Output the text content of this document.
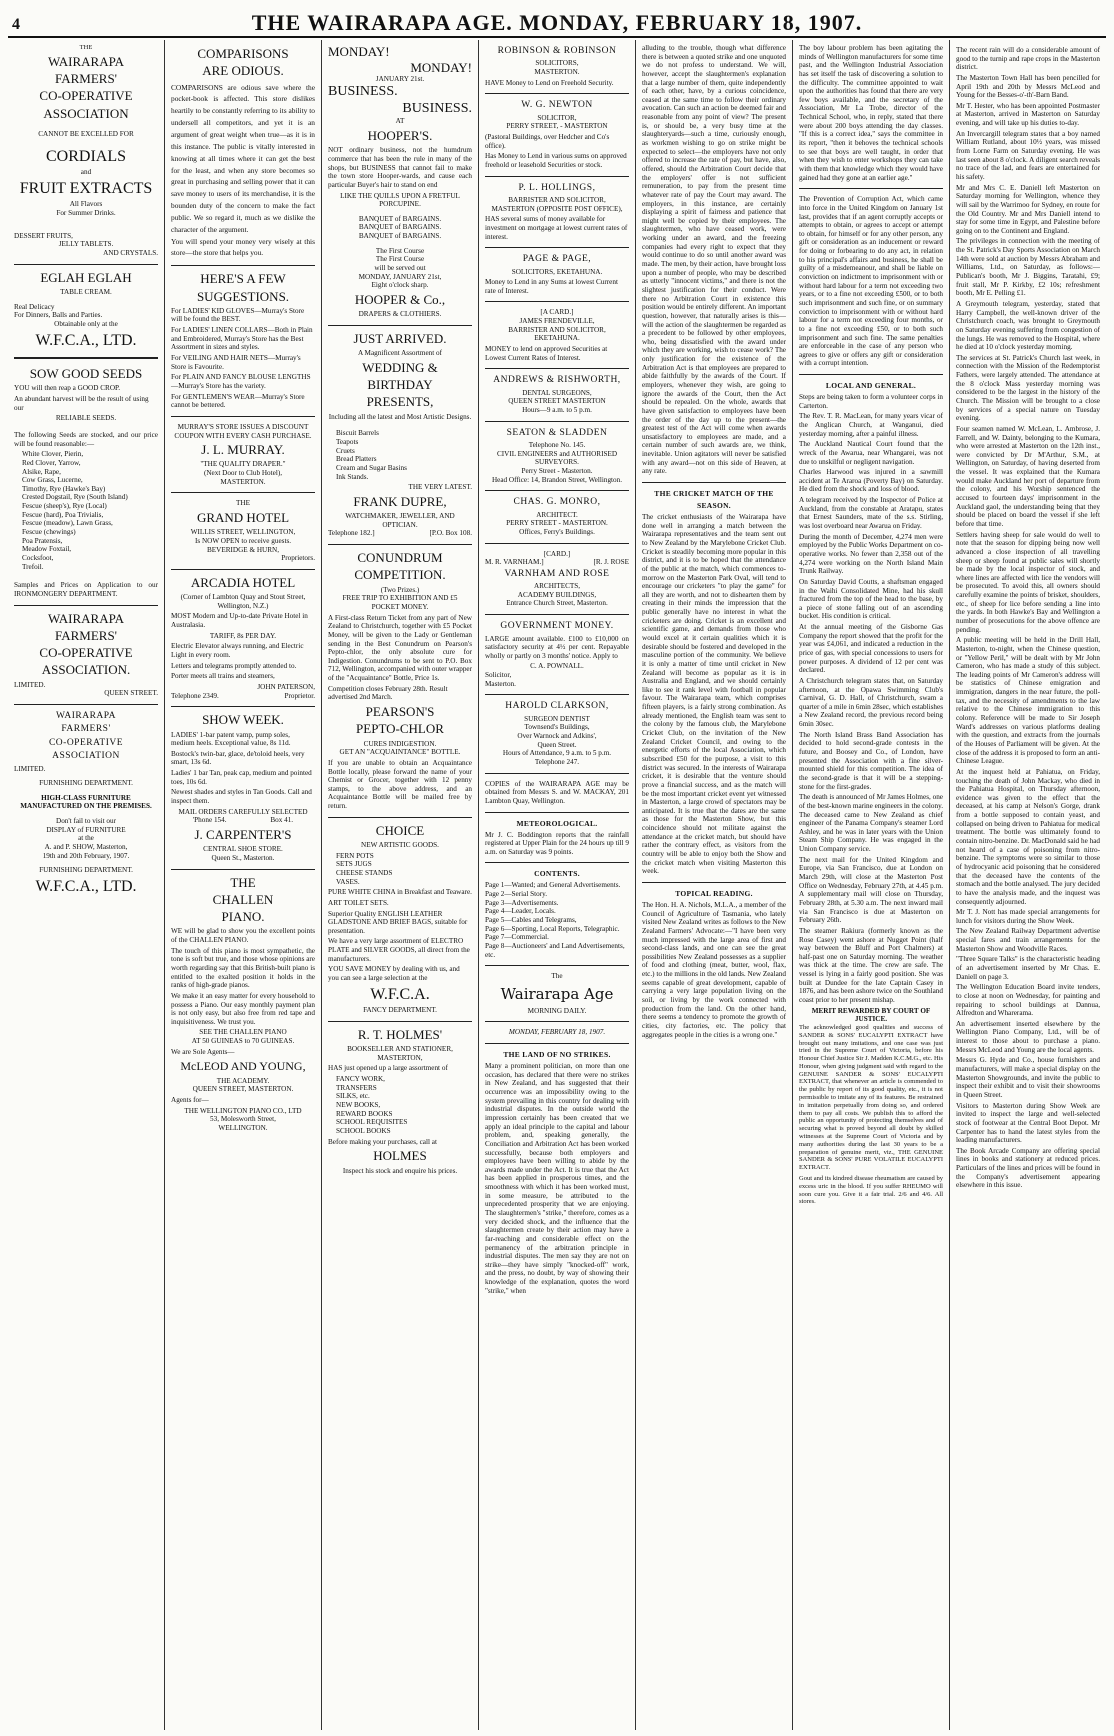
4	THE WAIRARAPA AGE. MONDAY, FEBRUARY 18, 1907.
THE
WAIRARAPA
FARMERS'
CO-OPERATIVE
ASSOCIATION
CANNOT BE EXCELLED FOR
CORDIALS
and
FRUIT EXTRACTS
All Flavors
For Summer Drinks.
DESSERT FRUITS,
JELLY TABLETS.
AND CRYSTALS.
EGLAH EGLAH
TABLE CREAM.
Real Delicacy
For Dinners, Balls and Parties.
Obtainable only at the
W.F.C.A., LTD.
SOW GOOD SEEDS
YOU will then reap a GOOD CROP.
An abundant harvest will be the result of using our
RELIABLE SEEDS.
The following Seeds are stocked, and our price will be found reasonable:—
White Clover, Pierin,
Red Clover, Yarrow,
Alsike, Rape,
Cow Grass, Lucerne,
Timothy, Rye (Hawke's Bay)
Crested Dogstail, Rye (South Island)
Fescue (sheep's), Rye (Local)
Fescue (hard), Poa Trivialis,
Fescue (meadow), Lawn Grass,
Fescue (chewings)
Poa Pratensis,
Meadow Foxtail,
Cocksfoot,
Trefoil.
Samples and Prices on Application to our IRONMONGERY DEPARTMENT.
WAIRARAPA
FARMERS'
CO-OPERATIVE
ASSOCIATION.
LIMITED.
QUEEN STREET.
WAIRARAPA
FARMERS'
CO-OPERATIVE
ASSOCIATION
LIMITED.
FURNISHING DEPARTMENT.
HIGH-CLASS FURNITURE MANUFACTURED ON THE PREMISES.
Don't fail to visit our
DISPLAY of FURNITURE
at the
A. and P. SHOW, Masterton,
19th and 20th February, 1907.
FURNISHING DEPARTMENT.
W.F.C.A., LTD.
COMPARISONS
ARE ODIOUS.
COMPARISONS are odious save where the pocket-book is affected. This store dislikes heartily to be constantly referring to its ability to undersell all competitors, and yet it is an argument of great weight when true—as it is in this instance. The public is vitally interested in knowing at all times where it can get the best for the least, and when any store becomes so great in purchasing and selling power that it can save money to users of its merchandise, it is the bounden duty of the concern to make the fact public. We so regard it, much as we dislike the character of the argument.
You will spend your money very wisely at this store—the store that helps you.
HERE'S A FEW
SUGGESTIONS.
For LADIES' KID GLOVES—Murray's Store will be found the BEST.
For LADIES' LINEN COLLARS—Both in Plain and Embroidered, Murray's Store has the Best Assortment in sizes and styles.
For VEILING AND HAIR NETS—Murray's Store is Favourite.
For PLAIN AND FANCY BLOUSE LENGTHS—Murray's Store has the variety.
For GENTLEMEN'S WEAR—Murray's Store cannot be bettered.
MURRAY'S STORE ISSUES A DISCOUNT COUPON WITH EVERY CASH PURCHASE.
J. L. MURRAY.
"THE QUALITY DRAPER."
(Next Door to Club Hotel),
MASTERTON.
THE
GRAND HOTEL
WILLIS STREET, WELLINGTON,
Is NOW OPEN to receive guests.
BEVERIDGE & HURN,
Proprietors.
ARCADIA HOTEL
(Corner of Lambton Quay and Stout Street, Wellington, N.Z.)
MOST Modern and Up-to-date Private Hotel in Australasia.
TARIFF, 8s PER DAY.
Electric Elevator always running, and Electric Light in every room.
Letters and telegrams promptly attended to.
Porter meets all trains and steamers,
JOHN PATERSON,
Telephone 2349.	Proprietor.
SHOW WEEK.
LADIES' 1-bar patent vamp, pump soles, medium heels. Exceptional value, 8s 11d.
Bostock's twin-bar, glace, de'toloid heels, very smart, 13s 6d.
Ladies' 1 bar Tan, peak cap, medium and pointed toes, 10s 6d.
Newest shades and styles in Tan Goods. Call and inspect them.
MAIL ORDERS CAREFULLY SELECTED
'Phone 154.	Box 41.
J. CARPENTER'S
CENTRAL SHOE STORE.
Queen St., Masterton.
THE
CHALLEN
PIANO.
WE will be glad to show you the excellent points of the CHALLEN PIANO.
The touch of this piano is most sympathetic, the tone is soft but true, and those whose opinions are worth regarding say that this British-built piano is entitled to the exalted position it holds in the ranks of high-grade pianos.
We make it an easy matter for every household to possess a Piano. Our easy monthly payment plan is not only easy, but also free from red tape and inquisitiveness. We trust you.
SEE THE CHALLEN PIANO
AT 50 GUINEAS to 70 GUINEAS.
We are Sole Agents—
McLEOD AND YOUNG,
THE ACADEMY.
QUEEN STREET, MASTERTON.
Agents for—
THE WELLINGTON PIANO CO., LTD
53, Molesworth Street,
WELLINGTON.
MONDAY!
MONDAY!
JANUARY 21st.
BUSINESS.
BUSINESS.
AT
HOOPER'S.
NOT ordinary business, not the humdrum commerce that has been the rule in many of the shops, but BUSINESS that cannot fail to make the town store Hooper-wards, and cause each particular Buyer's hair to stand on end
LIKE THE QUILLS UPON A FRETFUL PORCUPINE.
BANQUET of BARGAINS.
BANQUET of BARGAINS.
BANQUET of BARGAINS.
The First Course
The First Course
will be served out
MONDAY, JANUARY 21st,
Eight o'clock sharp.
HOOPER & Co.,
DRAPERS & CLOTHIERS.
JUST ARRIVED.
A Magnificent Assortment of
WEDDING &
BIRTHDAY
PRESENTS,
Including all the latest and Most Artistic Designs.
Biscuit Barrels
Teapots
Cruets
Bread Platters
Cream and Sugar Basins
Ink Stands.
THE VERY LATEST.
FRANK DUPRE,
WATCHMAKER, JEWELLER, AND OPTICIAN.
Telephone 182.]	[P.O. Box 108.
CONUNDRUM
COMPETITION.
(Two Prizes.)
FREE TRIP TO EXHIBITION AND £5 POCKET MONEY.
A First-class Return Ticket from any part of New Zealand to Christchurch, together with £5 Pocket Money, will be given to the Lady or Gentleman sending in the Best Conundrum on Pearson's Pepto-chlor, the only absolute cure for Indigestion. Conundrums to be sent to P.O. Box 712, Wellington, accompanied with outer wrapper of the "Acquaintance" Bottle, Price 1s.
Competition closes February 28th. Result advertised 2nd March.
PEARSON'S
PEPTO-CHLOR
CURES INDIGESTION.
GET AN "ACQUAINTANCE" BOTTLE.
If you are unable to obtain an Acquaintance Bottle locally, please forward the name of your Chemist or Grocer, together with 12 penny stamps, to the above address, and an Acquaintance Bottle will be mailed free by return.
CHOICE
NEW ARTISTIC GOODS.
FERN POTS
SETS JUGS
CHEESE STANDS
VASES.
PURE WHITE CHINA in Breakfast and Teaware.
ART TOILET SETS.
Superior Quality ENGLISH LEATHER GLADSTONE AND BRIEF BAGS, suitable for presentation.
We have a very large assortment of ELECTRO PLATE and SILVER GOODS, all direct from the manufacturers.
YOU SAVE MONEY by dealing with us, and you can see a large selection at the
W.F.C.A.
FANCY DEPARTMENT.
R. T. HOLMES'
BOOKSELLER AND STATIONER,
MASTERTON,
HAS just opened up a large assortment of
FANCY WORK,
TRANSFERS
SILKS, etc.
NEW BOOKS,
REWARD BOOKS
SCHOOL REQUISITES
SCHOOL BOOKS
Before making your purchases, call at
HOLMES
Inspect his stock and enquire his prices.
ROBINSON & ROBINSON
SOLICITORS,
MASTERTON.
HAVE Money to Lend on Freehold Security.
W. G. NEWTON
SOLICITOR,
PERRY STREET, - MASTERTON
(Pastoral Buildings, over Hedcher and Co's office).
Has Money to Lend in various sums on approved freehold or leasehold Securities or stock.
P. L. HOLLINGS,
BARRISTER AND SOLICITOR,
MASTERTON (OPPOSITE POST OFFICE),
HAS several sums of money available for investment on mortgage at lowest current rates of interest.
PAGE & PAGE,
SOLICITORS, EKETAHUNA.
Money to Lend in any Sums at lowest Current rate of Interest.
[A CARD.]
JAMES FRENDEVILLE,
BARRISTER AND SOLICITOR,
EKETAHUNA.
MONEY to lend on approved Securities at Lowest Current Rates of Interest.
ANDREWS & RISHWORTH,
DENTAL SURGEONS,
QUEEN STREET MASTERTON
Hours—9 a.m. to 5 p.m.
SEATON & SLADDEN
Telephone No. 145.
CIVIL ENGINEERS and AUTHORISED SURVEYORS.
Perry Street - Masterton.
Head Office: 14, Brandon Street, Wellington.
CHAS. G. MONRO,
ARCHITECT.
PERRY STREET - MASTERTON.
Offices, Ferry's Buildings.
[CARD.]
M. R. VARNHAM.]	[R. J. ROSE
VARNHAM AND ROSE
ARCHITECTS,
ACADEMY BUILDINGS,
Entrance Church Street, Masterton.
GOVERNMENT MONEY.
LARGE amount available. £100 to £10,000 on satisfactory security at 4½ per cent. Repayable wholly or partly on 3 months' notice. Apply to
C. A. POWNALL.
Solicitor,
Masterton.
HAROLD CLARKSON,
SURGEON DENTIST
Townsend's Buildings,
Over Warnock and Adkins',
Queen Street.
Hours of Attendance, 9 a.m. to 5 p.m.
Telephone 247.
COPIES of the WAIRARAPA AGE may be obtained from Messrs S. and W. MACKAY, 201 Lambton Quay, Wellington.
METEOROLOGICAL.
Mr J. C. Boddington reports that the rainfall registered at Upper Plain for the 24 hours up till 9 a.m. on Saturday was 9 points.
CONTENTS.
Page 1—Wanted; and General Advertisements.
Page 2—Serial Story.
Page 3—Advertisements.
Page 4—Leader, Locals.
Page 5—Cables and Telegrams,
Page 6—Sporting, Local Reports, Telegraphic.
Page 7—Commercial.
Page 8—Auctioneers' and Land Advertisements, etc.
The
Wairarapa Age
MORNING DAILY.
MONDAY, FEBRUARY 18, 1907.
THE LAND OF NO STRIKES.
Many a prominent politician, on more than one occasion, has declared that there were no strikes in New Zealand, and has suggested that their occurrence was an impossibility owing to the system prevailing in this country for dealing with industrial disputes. In the outside world the impression certainly has been created that we apply an ideal principle to the capital and labour problem, and, speaking generally, the Conciliation and Arbitration Act has been worked successfully, because both employers and employees have been willing to abide by the awards made under the Act. It is true that the Act has been applied in prosperous times, and the smoothness with which it has been worked must, in some measure, be attributed to the unprecedented prosperity that we are enjoying. The slaughtermen's "strike," therefore, comes as a very decided shock, and the influence that the slaughtermen create by their action may have a far-reaching and considerable effect on the permanency of the arbitration principle in industrial disputes. The men say they are not on strike—they have simply "knocked-off" work, and the press, no doubt, by way of showing their knowledge of the explanation, quotes the word "strike," when
alluding to the trouble, though what difference there is between a quoted strike and one unquoted we do not profess to understand. We will, however, accept the slaughtermen's explanation that a large number of them, quite independently of each other, have, by a curious coincidence, ceased at the same time to follow their ordinary avocation. Can such an action be deemed fair and reasonable from any point of view? The present is, or should be, a very busy time at the slaughteryards—such a time, curiously enough, as workmen wishing to go on strike might be expected to select—the employers have not only offered to increase the rate of pay, but have, also, offered, should the Arbitration Court decide that the employers' offer is not sufficient remuneration, to pay from the present time whatever rate of pay the Court may award. The employers, in this instance, are certainly displaying a spirit of fairness and patience that might well be copied by their employees. The slaughtermen, who have ceased work, were working under an award, and the freezing companies had every right to expect that they would continue to do so until another award was made. The men, by their action, have brought loss upon a number of people, who may be described as utterly "innocent victims," and there is not the slightest justification for their conduct. Were there no Arbitration Court in existence this position would be entirely different. An important question, however, that naturally arises is this—will the action of the slaughtermen be regarded as a precedent to be followed by other employees, who, being dissatisfied with the award under which they are working, wish to cease work? The only justification for the existence of the Arbitration Act is that employees are prepared to abide faithfully by the awards of the Court. If employers, whenever they wish, are going to ignore the awards of the Court, then the Act should be repealed. On the whole, awards that have given satisfaction to employees have been the order of the day up to the present—the greatest test of the Act will come when awards unsatisfactory to employees are made, and a certain number of such awards are, we think, inevitable. Union agitators will never be satisfied with any award—not on this side of Heaven, at any rate.
THE CRICKET MATCH OF THE
SEASON.
The cricket enthusiasts of the Wairarapa have done well in arranging a match between the Wairarapa representatives and the team sent out to New Zealand by the Marylebone Cricket Club. Cricket is steadily becoming more popular in this district, and it is to be hoped that the attendance of the public at the match, which commences to-morrow on the Masterton Park Oval, will tend to encourage our cricketers "to play the game" for all they are worth, and not to dishearten them by creating in their minds the impression that the public generally have no interest in what the cricketers are doing. Cricket is an excellent and scientific game, and demands from those who would excel at it certain qualities which it is desirable should be fostered and developed in the masculine portion of the community. We believe it is only a matter of time until cricket in New Zealand will become as popular as it is in Australia and England, and we should certainly like to see it rank level with football in popular favour. The Wairarapa team, which comprises fifteen players, is a fairly strong combination. As already mentioned, the English team was sent to the colony by the famous club, the Marylebone Cricket Club, on the invitation of the New Zealand Cricket Council, and owing to the energetic efforts of the local Association, which subscribed £50 for the purpose, a visit to this district was secured. In the interests of Wairarapa cricket, it is desirable that the venture should prove a financial success, and as the match will be the most important cricket event yet witnessed in Masterton, a large crowd of spectators may be anticipated. It is true that the dates are the same as those for the Masterton Show, but this coincidence should not militate against the attendance at the cricket match, but should have rather the contrary effect, as visitors from the country will be able to enjoy both the Show and the cricket match when visiting Masterton this week.
TOPICAL READING.
The Hon. H. A. Nichols, M.L.A., a member of the Council of Agriculture of Tasmania, who lately visited New Zealand writes as follows to the New Zealand Farmers' Advocate:—"I have been very much impressed with the large area of first and second-class lands, and one can see the great possibilities New Zealand possesses as a supplier of food and clothing (meat, butter, wool, flax, etc.) to the millions in the old lands. New Zealand seems capable of great development, capable of carrying a very large population living on the soil, or living by the work connected with production from the land. On the other hand, there seems a tendency to promote the growth of cities, city factories, etc. The policy that aggregates people in the cities is a wrong one."
The boy labour problem has been agitating the minds of Wellington manufacturers for some time past, and the Wellington Industrial Association has set itself the task of discovering a solution to the difficulty. The committee appointed to wait upon the authorities has found that there are very few boys available, and the secretary of the Association, Mr La Trobe, director of the Technical School, who, in reply, stated that there were about 200 boys attending the day classes. "If this is a correct idea," says the committee in its report, "then it behoves the technical schools to see that boys are well taught, in order that when they wish to enter workshops they can take with them that knowledge which they would have gained had they gone at an earlier age."
The Prevention of Corruption Act, which came into force in the United Kingdom on January 1st last, provides that if an agent corruptly accepts or attempts to obtain, or agrees to accept or attempt to obtain, for himself or for any other person, any gift or consideration as an inducement or reward for doing or forbearing to do any act, in relation to his principal's affairs and business, he shall be guilty of a misdemeanour, and shall be liable on conviction on indictment to imprisonment with or without hard labour for a term not exceeding two years, or to a fine not exceeding £500, or to both such imprisonment and such fine, or on summary conviction to imprisonment with or without hard labour for a term not exceeding four months, or to a fine not exceeding £50, or to both such imprisonment and such fine. The same penalties are enforceable in the case of any person who agrees to give or offers any gift or consideration with a corrupt intention.
LOCAL AND GENERAL.
Steps are being taken to form a volunteer corps in Carterton.
The Rev. T. R. MacLean, for many years vicar of the Anglican Church, at Wanganui, died yesterday morning, after a painful illness.
The Auckland Nautical Court found that the wreck of the Awarua, near Whangarei, was not due to unskilful or negligent navigation.
Charles Harwood was injured in a sawmill accident at Te Araroa (Poverty Bay) on Saturday. He died from the shock and loss of blood.
A telegram received by the Inspector of Police at Auckland, from the constable at Aratapu, states that Ernest Saunders, mate of the s.s. Stirling, was lost overboard near Awarua on Friday.
During the month of December, 4,274 men were employed by the Public Works Department on co-operative works. No fewer than 2,358 out of the 4,274 were working on the North Island Main Trunk Railway.
On Saturday David Coutts, a shaftsman engaged in the Waihi Consolidated Mine, had his skull fractured from the top of the head to the base, by a piece of stone falling out of an ascending bucket. His condition is critical.
At the annual meeting of the Gisborne Gas Company the report showed that the profit for the year was £4,061, and indicated a reduction in the price of gas, with special concessions to users for power purposes. A dividend of 12 per cent was declared.
A Christchurch telegram states that, on Saturday afternoon, at the Opawa Swimming Club's Carnival, G. D. Hall, of Christchurch, swam a quarter of a mile in 6min 28sec, which establishes a New Zealand record, the previous record being 6min 30sec.
The North Island Brass Band Association has decided to hold second-grade contests in the future, and Boosey and Co., of London, have presented the Association with a fine silver-mounted shield for this competition. The idea of the second-grade is that it will be a stepping-stone for the first-grades.
The death is announced of Mr James Holmes, one of the best-known marine engineers in the colony. The deceased came to New Zealand as chief engineer of the Panama Company's steamer Lord Ashley, and he was in later years with the Union Steam Ship Company. He was engaged in the Union Company service.
The next mail for the United Kingdom and Europe, via San Francisco, due at London on March 29th, will close at the Masterton Post Office on Wednesday, February 27th, at 4.45 p.m. A supplementary mail will close on Thursday, February 28th, at 5.30 a.m. The next inward mail via San Francisco is due at Masterton on February 26th.
The steamer Rakiura (formerly known as the Rose Casey) went ashore at Nugget Point (half way between the Bluff and Port Chalmers) at half-past one on Saturday morning. The weather was thick at the time. The crew are safe. The vessel is lying in a fairly good position. She was built at Dundee for the late Captain Casey in 1876, and has been ashore twice on the Southland coast prior to her present mishap.
MERIT REWARDED BY COURT OF JUSTICE.
The acknowledged good qualities and success of SANDER & SONS' EUCALYPTI EXTRACT have brought out many imitations, and one case was just tried in the Supreme Court of Victoria, before his Honour Chief Justice Sir J. Madden K.C.M.G., etc. His Honour, when giving judgment said with regard to the GENUINE SANDER & SONS' EUCALYPTI EXTRACT, that whenever an article is commended to the public by report of its good quality, etc., it is not permissible to imitate any of its features. Be restrained in imitation perpetually from doing so, and ordered them to pay all costs. We publish this to afford the public an opportunity of protecting themselves and of securing what is proved beyond all doubt by skilled witnesses at the Supreme Court of Victoria and by many authorities during the last 30 years to be a preparation of genuine merit, viz., THE GENUINE SANDER & SONS' PURE VOLATILE EUCALYPTI EXTRACT.
Gout and its kindred disease rheumatism are caused by excess uric in the blood. If you suffer RHEUMO will soon cure you. Give it a fair trial. 2/6 and 4/6. All stores.
The recent rain will do a considerable amount of good to the turnip and rape crops in the Masterton district.
The Masterton Town Hall has been pencilled for April 19th and 20th by Messrs McLeod and Young for the Besses-o'-th'-Barn Band.
Mr T. Hester, who has been appointed Postmaster at Masterton, arrived in Masterton on Saturday evening, and will take up his duties to-day.
An Invercargill telegram states that a boy named William Rutland, about 10½ years, was missed from Lorne Farm on Saturday evening. He was last seen about 8 o'clock. A diligent search reveals no trace of the lad, and fears are entertained for his safety.
Mr and Mrs C. E. Daniell left Masterton on Saturday morning for Wellington, whence they will sail by the Warrimoo for Sydney, en route for the Old Country. Mr and Mrs Daniell intend to stay for some time in Egypt, and Palestine before going on to the Continent and England.
The privileges in connection with the meeting of the St. Patrick's Day Sports Association on March 14th were sold at auction by Messrs Abraham and Williams, Ltd., on Saturday, as follows:—Publican's booth, Mr J. Biggins, Taratahi, £9; fruit stall, Mr P. Kirkby, £2 10s; refreshment booth, Mr E. Pelling £1.
A Greymouth telegram, yesterday, stated that Harry Campbell, the well-known driver of the Christchurch coach, was brought to Greymouth on Saturday evening suffering from congestion of the lungs. He was removed to the Hospital, where he died at 10 o'clock yesterday morning.
The services at St. Patrick's Church last week, in connection with the Mission of the Redemptorist Fathers, were largely attended. The attendance at the 8 o'clock Mass yesterday morning was considered to be the largest in the history of the Church. The Mission will be brought to a close by services of a special nature on Tuesday evening.
Four seamen named W. McLean, L. Ambrose, J. Farrell, and W. Dainty, belonging to the Kumara, who were arrested at Masterton on the 12th inst., were convicted by Dr M'Arthur, S.M., at Wellington, on Saturday, of having deserted from the vessel. It was explained that the Kumara would make Auckland her port of departure from the colony, and his Worship sentenced the accused to fourteen days' imprisonment in the Auckland gaol, the understanding being that they should be placed on board the vessel if she left before that time.
Settlers having sheep for sale would do well to note that the season for dipping being now well advanced a close inspection of all travelling sheep or sheep found at public sales will shortly be made by the local inspector of stock, and where lines are affected with lice the vendors will be prosecuted. To avoid this, all owners should carefully examine the points of brisket, shoulders, etc., of sheep for lice before sending a line into the yards. In both Hawke's Bay and Wellington a number of prosecutions for the above offence are pending.
A public meeting will be held in the Drill Hall, Masterton, to-night, when the Chinese question, or "Yellow Peril," will be dealt with by Mr John Cameron, who has made a study of this subject. The leading points of Mr Cameron's address will be statistics of Chinese emigration and immigration, dangers in the near future, the poll-tax, and the necessity of amendments to the law relative to the Chinese immigration to this colony. Reference will be made to Sir Joseph Ward's addresses on various platforms dealing with the question, and extracts from the journals of the Houses of Parliament will be given. At the close of the address it is proposed to form an anti-Chinese League.
At the inquest held at Pahiatua, on Friday, touching the death of John Mackay, who died in the Pahiatua Hospital, on Thursday afternoon, evidence was given to the effect that the deceased, at his camp at Nelson's Gorge, drank from a bottle supposed to contain yeast, and collapsed on being driven to Pahiatua for medical treatment. The bottle was ultimately found to contain nitro-benzine. Dr. MacDonald said he had not heard of a case of poisoning from nitro-benzine. The symptoms were so similar to those of hydrocyanic acid poisoning that he considered that the deceased have the contents of the stomach and the bottle analysed. The jury decided to have the analysis made, and the inquest was consequently adjourned.
Mr T. J. Nott has made special arrangements for lunch for visitors during the Show Week.
The New Zealand Railway Department advertise special fares and train arrangements for the Masterton Show and Woodville Races.
"Three Square Talks" is the characteristic heading of an advertisement inserted by Mr Chas. E. Daniell on page 3.
The Wellington Education Board invite tenders, to close at noon on Wednesday, for painting and repairing to school buildings at Dannua, Alfredton and Wharerama.
An advertisement inserted elsewhere by the Wellington Piano Company, Ltd., will be of interest to those about to purchase a piano. Messrs McLeod and Young are the local agents.
Messrs G. Hyde and Co., house furnishers and manufacturers, will make a special display on the Masterton Showgrounds, and invite the public to inspect their exhibit and to visit their showrooms in Queen Street.
Visitors to Masterton during Show Week are invited to inspect the large and well-selected stock of footwear at the Central Boot Depot. Mr Carpenter has to hand the latest styles from the leading manufacturers.
The Book Arcade Company are offering special lines in books and stationery at reduced prices. Particulars of the lines and prices will be found in the Company's advertisement appearing elsewhere in this issue.
